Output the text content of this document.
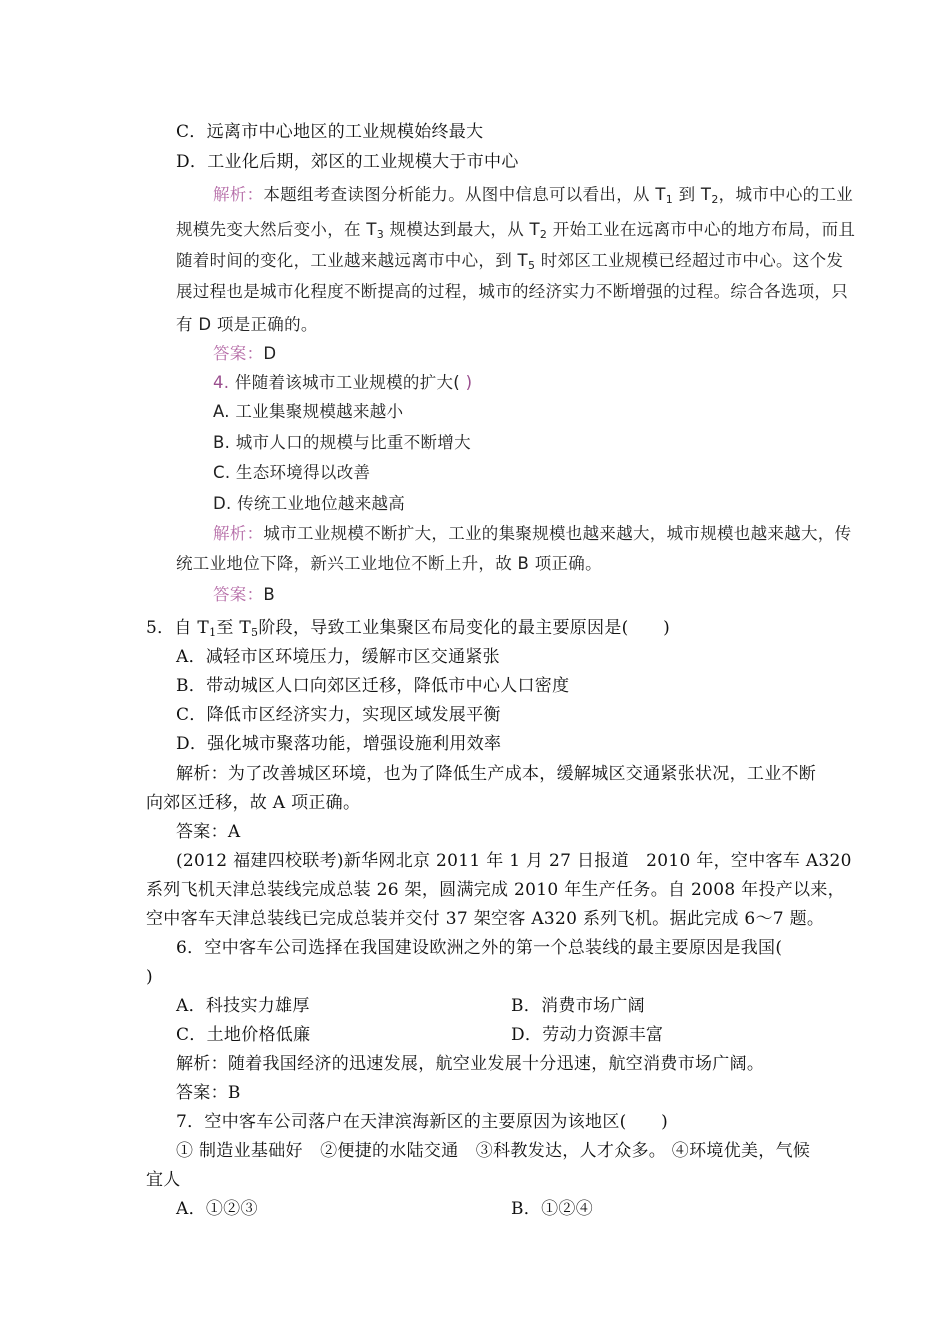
C．远离市中心地区的工业规模始终最大
D．工业化后期，郊区的工业规模大于市中心
解析：本题组考查读图分析能力。从图中信息可以看出，从 $T_1$ 到 $T_2$，城市中心的工业
规模先变大然后变小，在 $T_3$ 规模达到最大，从 $T_2$ 开始工业在远离市中心的地方布局，而且
随着时间的变化，工业越来越远离市中心，到 $T_5$ 时郊区工业规模已经超过市中心。这个发
展过程也是城市化程度不断提高的过程，城市的经济实力不断增强的过程。综合各选项，只
有 D 项是正确的。
答案：D
4. 伴随着该城市工业规模的扩大( )
A. 工业集聚规模越来越小
B. 城市人口的规模与比重不断增大
C. 生态环境得以改善
D. 传统工业地位越来越高
解析：城市工业规模不断扩大，工业的集聚规模也越来越大，城市规模也越来越大，传
统工业地位下降，新兴工业地位不断上升，故 B 项正确。
答案：B
5．自 $T_1$至 $T_5$阶段，导致工业集聚区布局变化的最主要原因是(　　)
A．减轻市区环境压力，缓解市区交通紧张
B．带动城区人口向郊区迁移，降低市中心人口密度
C．降低市区经济实力，实现区域发展平衡
D．强化城市聚落功能，增强设施利用效率
解析：为了改善城区环境，也为了降低生产成本，缓解城区交通紧张状况，工业不断
向郊区迁移，故 A 项正确。
答案：A
(2012 福建四校联考)新华网北京 2011 年 1 月 27 日报道　2010 年，空中客车 A320
系列飞机天津总装线完成总装 26 架，圆满完成 2010 年生产任务。自 2008 年投产以来，
空中客车天津总装线已完成总装并交付 37 架空客 A320 系列飞机。据此完成 6～7 题。
6．空中客车公司选择在我国建设欧洲之外的第一个总装线的最主要原因是我国(
)
A．科技实力雄厚	B．消费市场广阔
C．土地价格低廉	D．劳动力资源丰富
解析：随着我国经济的迅速发展，航空业发展十分迅速，航空消费市场广阔。
答案：B
7．空中客车公司落户在天津滨海新区的主要原因为该地区(　　)
① 制造业基础好　②便捷的水陆交通　③科教发达，人才众多。 ④环境优美，气候
宜人
A．①②③	B．①②④
